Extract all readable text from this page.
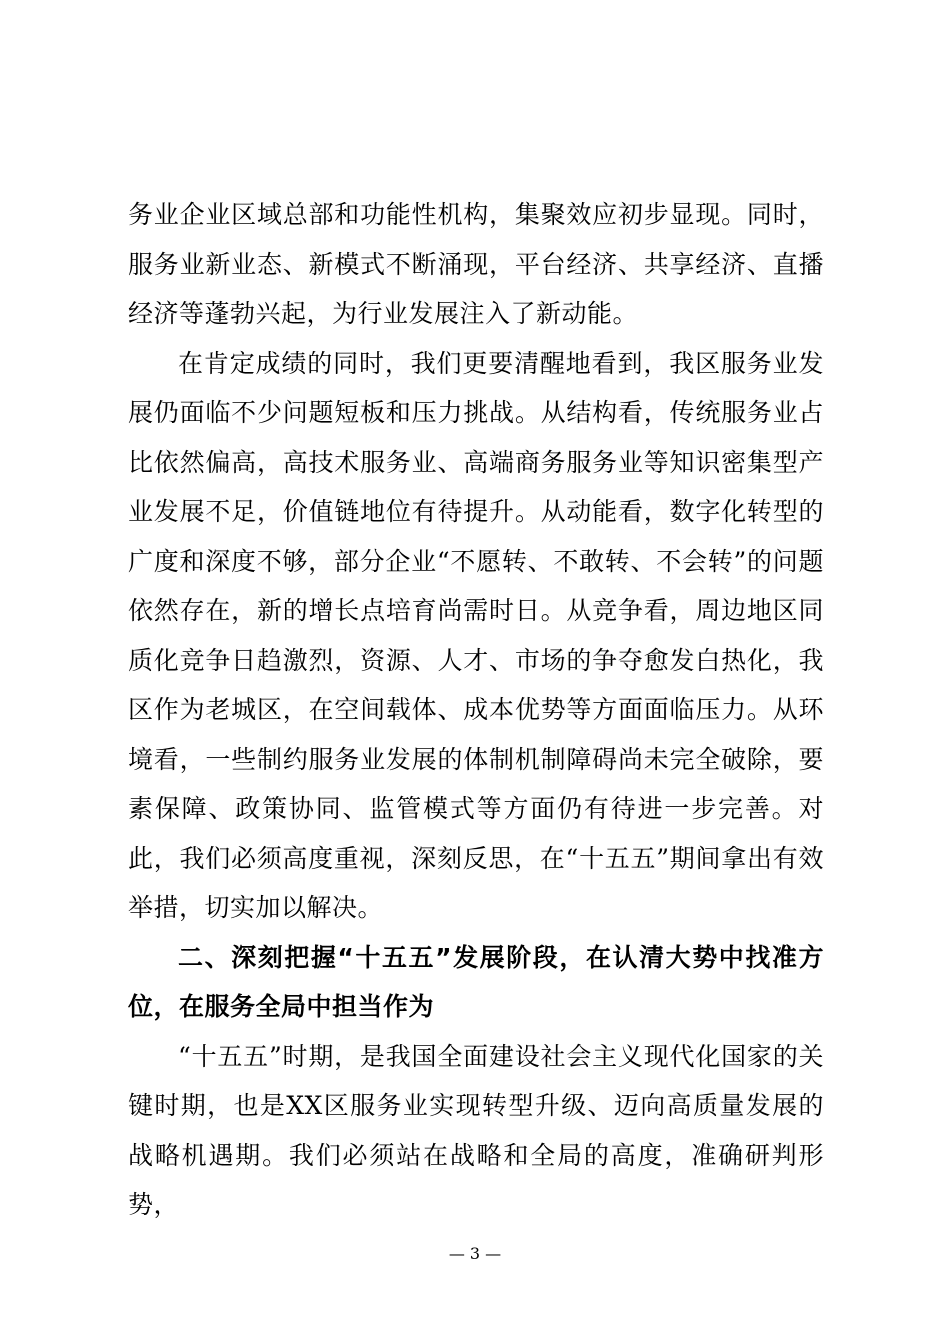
务业企业区域总部和功能性机构，集聚效应初步显现。同时，服务业新业态、新模式不断涌现，平台经济、共享经济、直播经济等蓬勃兴起，为行业发展注入了新动能。

在肯定成绩的同时，我们更要清醒地看到，我区服务业发展仍面临不少问题短板和压力挑战。从结构看，传统服务业占比依然偏高，高技术服务业、高端商务服务业等知识密集型产业发展不足，价值链地位有待提升。从动能看，数字化转型的广度和深度不够，部分企业“不愿转、不敢转、不会转”的问题依然存在，新的增长点培育尚需时日。从竞争看，周边地区同质化竞争日趋激烈，资源、人才、市场的争夺愈发白热化，我区作为老城区，在空间载体、成本优势等方面面临压力。从环境看，一些制约服务业发展的体制机制障碍尚未完全破除，要素保障、政策协同、监管模式等方面仍有待进一步完善。对此，我们必须高度重视，深刻反思，在“十五五”期间拿出有效举措，切实加以解决。

二、深刻把握“十五五”发展阶段，在认清大势中找准方位，在服务全局中担当作为

“十五五”时期，是我国全面建设社会主义现代化国家的关键时期，也是XX区服务业实现转型升级、迈向高质量发展的战略机遇期。我们必须站在战略和全局的高度，准确研判形势，

— 3 —
